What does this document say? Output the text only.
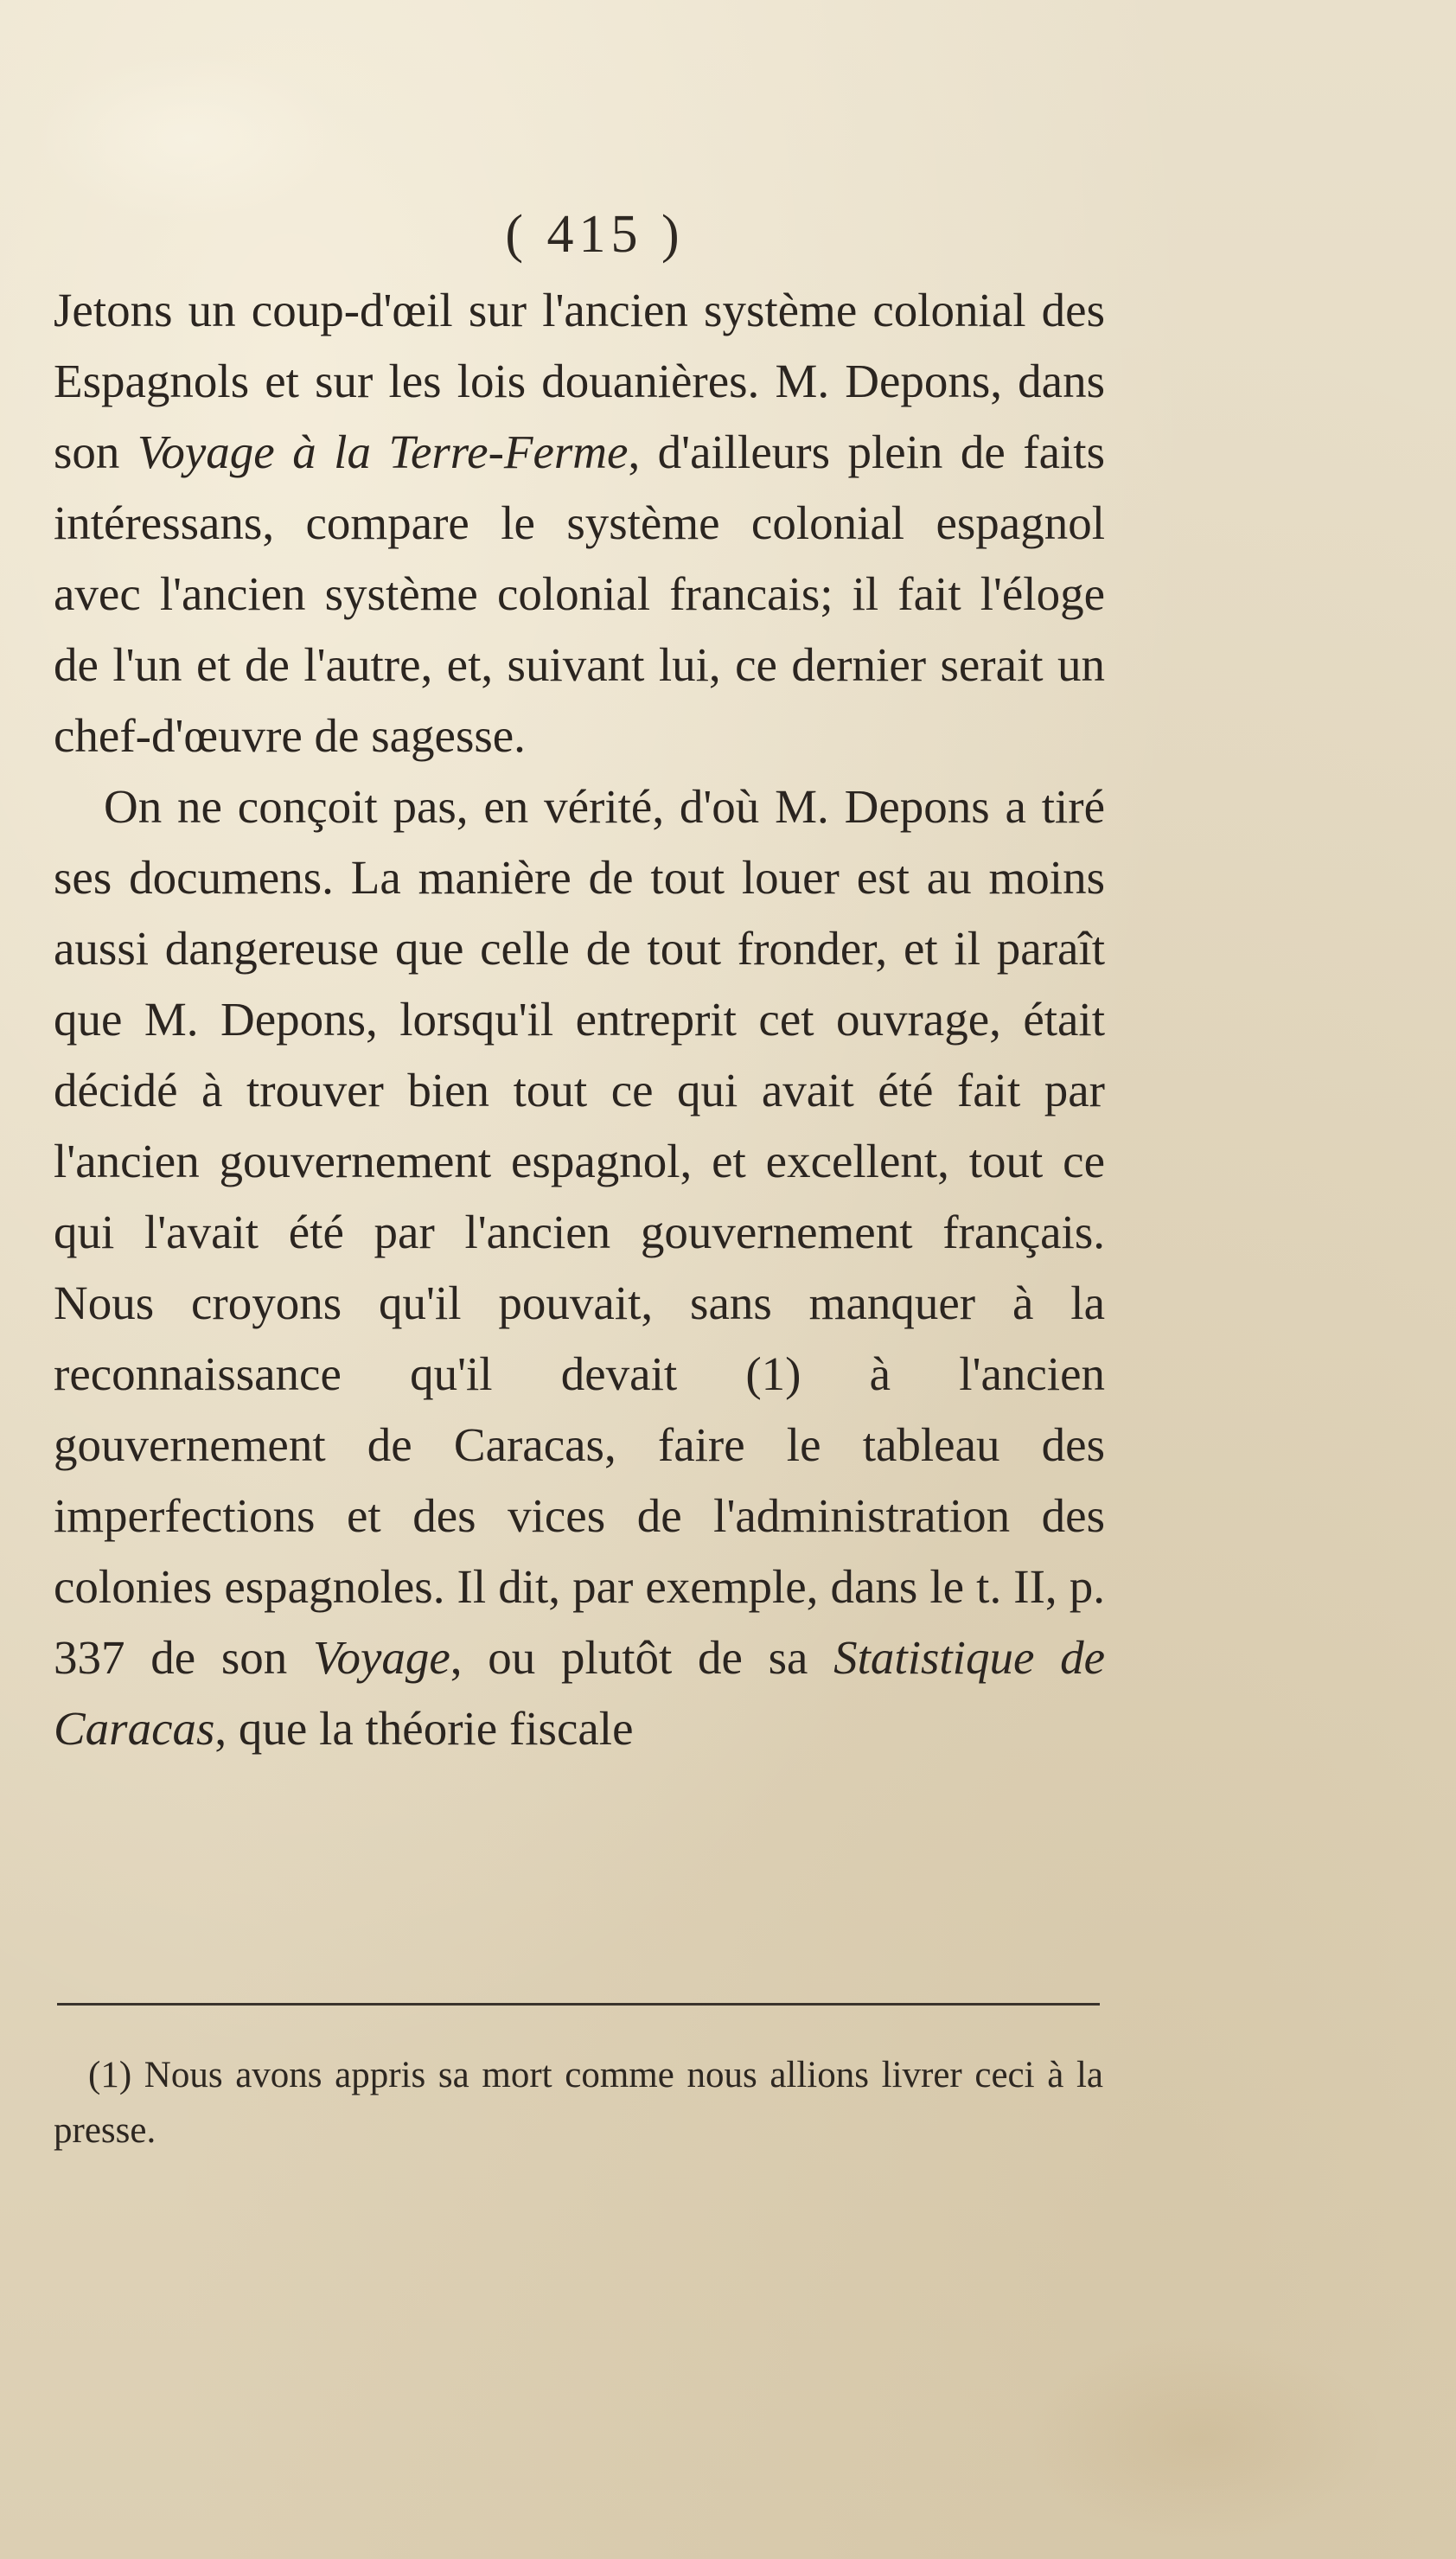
( 415 )

Jetons un coup-d'œil sur l'ancien système colonial des Espagnols et sur les lois douanières. M. Depons, dans son Voyage à la Terre-Ferme, d'ailleurs plein de faits intéressans, compare le système colonial espagnol avec l'ancien système colonial francais; il fait l'éloge de l'un et de l'autre, et, suivant lui, ce dernier serait un chef-d'œuvre de sagesse.

On ne conçoit pas, en vérité, d'où M. Depons a tiré ses documens. La manière de tout louer est au moins aussi dangereuse que celle de tout fronder, et il paraît que M. Depons, lorsqu'il entreprit cet ouvrage, était décidé à trouver bien tout ce qui avait été fait par l'ancien gouvernement espagnol, et excellent, tout ce qui l'avait été par l'ancien gouvernement français. Nous croyons qu'il pouvait, sans manquer à la reconnaissance qu'il devait (1) à l'ancien gouvernement de Caracas, faire le tableau des imperfections et des vices de l'administration des colonies espagnoles. Il dit, par exemple, dans le t. II, p. 337 de son Voyage, ou plutôt de sa Statistique de Caracas, que la théorie fiscale

(1) Nous avons appris sa mort comme nous allions livrer ceci à la presse.
